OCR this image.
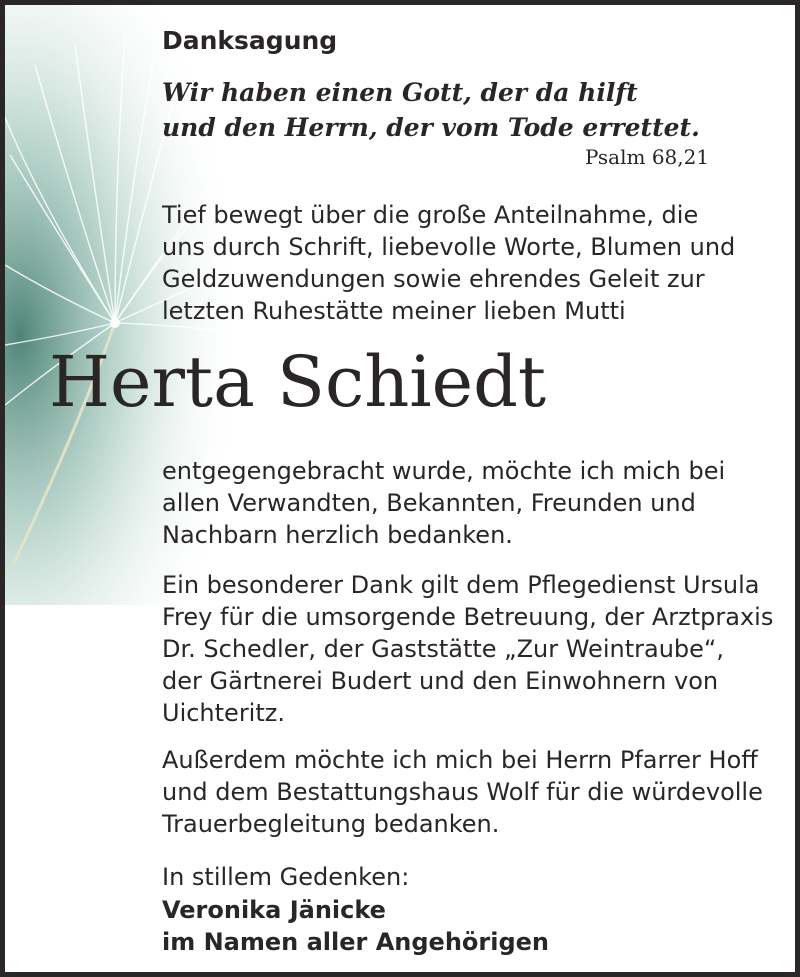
Danksagung
Wir haben einen Gott, der da hilft
und den Herrn, der vom Tode errettet.
Psalm 68,21
Tief bewegt über die große Anteilnahme, die
uns durch Schrift, liebevolle Worte, Blumen und
Geldzuwendungen sowie ehrendes Geleit zur
letzten Ruhestätte meiner lieben Mutti
Herta Schiedt
entgegengebracht wurde, möchte ich mich bei
allen Verwandten, Bekannten, Freunden und
Nachbarn herzlich bedanken.
Ein besonderer Dank gilt dem Pflegedienst Ursula
Frey für die umsorgende Betreuung, der Arztpraxis
Dr. Schedler, der Gaststätte „Zur Weintraube“,
der Gärtnerei Budert und den Einwohnern von
Uichteritz.
Außerdem möchte ich mich bei Herrn Pfarrer Hoff
und dem Bestattungshaus Wolf für die würdevolle
Trauerbegleitung bedanken.
In stillem Gedenken:
Veronika Jänicke
im Namen aller Angehörigen
